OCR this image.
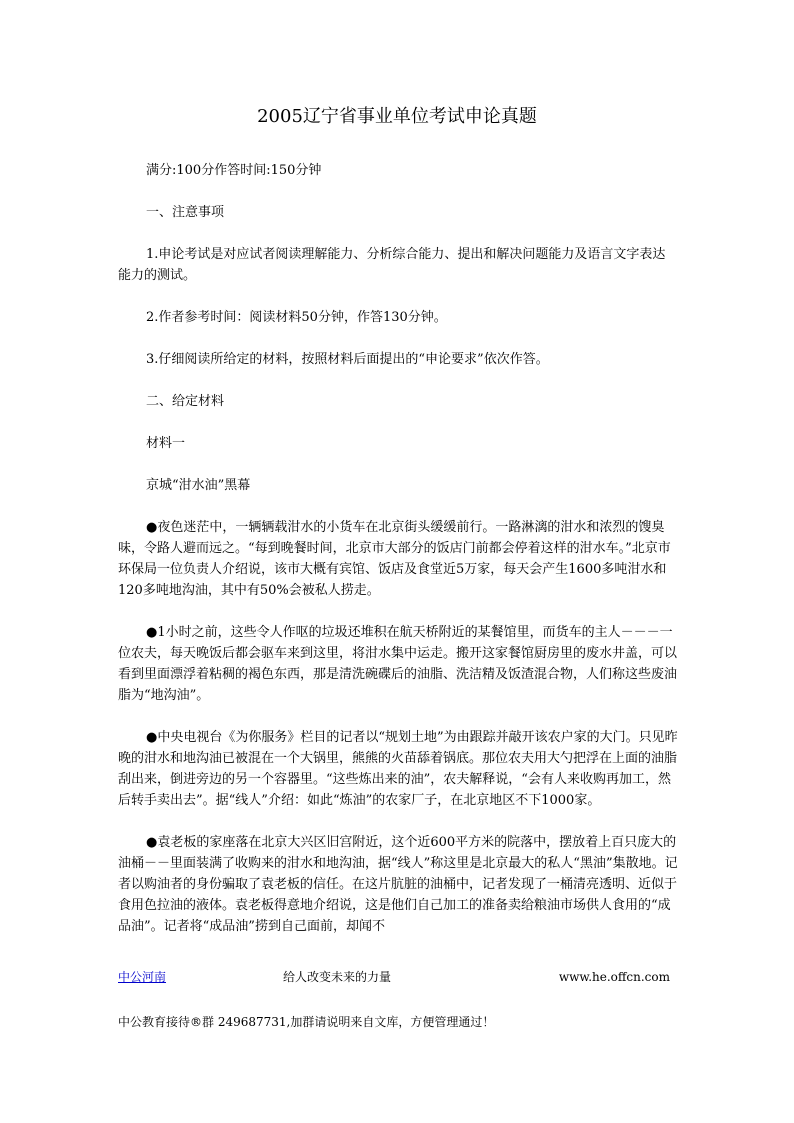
2005辽宁省事业单位考试申论真题

满分:100分作答时间:150分钟

一、注意事项

1.申论考试是对应试者阅读理解能力、分析综合能力、提出和解决问题能力及语言文字表达能力的测试。

2.作者参考时间：阅读材料50分钟，作答130分钟。

3.仔细阅读所给定的材料，按照材料后面提出的“申论要求”依次作答。

二、给定材料

材料一

京城“泔水油”黑幕

●夜色迷茫中，一辆辆载泔水的小货车在北京街头缓缓前行。一路淋漓的泔水和浓烈的馊臭味，令路人避而远之。“每到晚餐时间，北京市大部分的饭店门前都会停着这样的泔水车。”北京市环保局一位负责人介绍说，该市大概有宾馆、饭店及食堂近5万家，每天会产生1600多吨泔水和120多吨地沟油，其中有50%会被私人捞走。

●1小时之前，这些令人作呕的垃圾还堆积在航天桥附近的某餐馆里，而货车的主人－－－一位农夫，每天晚饭后都会驱车来到这里，将泔水集中运走。搬开这家餐馆厨房里的废水井盖，可以看到里面漂浮着粘稠的褐色东西，那是清洗碗碟后的油脂、洗洁精及饭渣混合物，人们称这些废油脂为“地沟油”。

●中央电视台《为你服务》栏目的记者以“规划土地”为由跟踪并敲开该农户家的大门。只见昨晚的泔水和地沟油已被混在一个大锅里，熊熊的火苗舔着锅底。那位农夫用大勺把浮在上面的油脂刮出来，倒进旁边的另一个容器里。“这些炼出来的油”，农夫解释说，“会有人来收购再加工，然后转手卖出去”。据“线人”介绍：如此“炼油”的农家厂子，在北京地区不下1000家。

●袁老板的家座落在北京大兴区旧宫附近，这个近600平方米的院落中，摆放着上百只庞大的油桶－－里面装满了收购来的泔水和地沟油，据“线人”称这里是北京最大的私人“黑油”集散地。记者以购油者的身份骗取了袁老板的信任。在这片肮脏的油桶中，记者发现了一桶清亮透明、近似于食用色拉油的液体。袁老板得意地介绍说，这是他们自己加工的准备卖给粮油市场供人食用的“成品油”。记者将“成品油”捞到自己面前，却闻不

中公河南	给人改变未来的力量	www.he.offcn.com
中公教育接待®群 249687731,加群请说明来自文库，方便管理通过！
